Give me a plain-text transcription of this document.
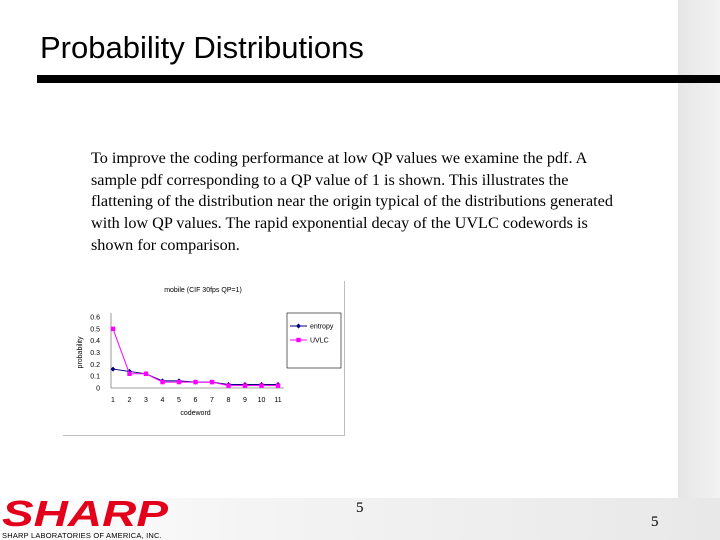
Probability Distributions
To improve the coding performance at low QP values we examine the pdf. A sample pdf corresponding to a QP value of 1 is shown. This illustrates the flattening of the distribution near the origin typical of the distributions generated with low QP values. The rapid exponential decay of the UVLC codewords is shown for comparison.
mobile (CIF 30fps QP=1)
0
0.1
0.2
0.3
0.4
0.5
0.6
1 2 3 4 5 6 7 8 9 10 11
codeword
probability
entropy
UVLC
5
5
SHARP
SHARP LABORATORIES OF AMERICA, INC.
